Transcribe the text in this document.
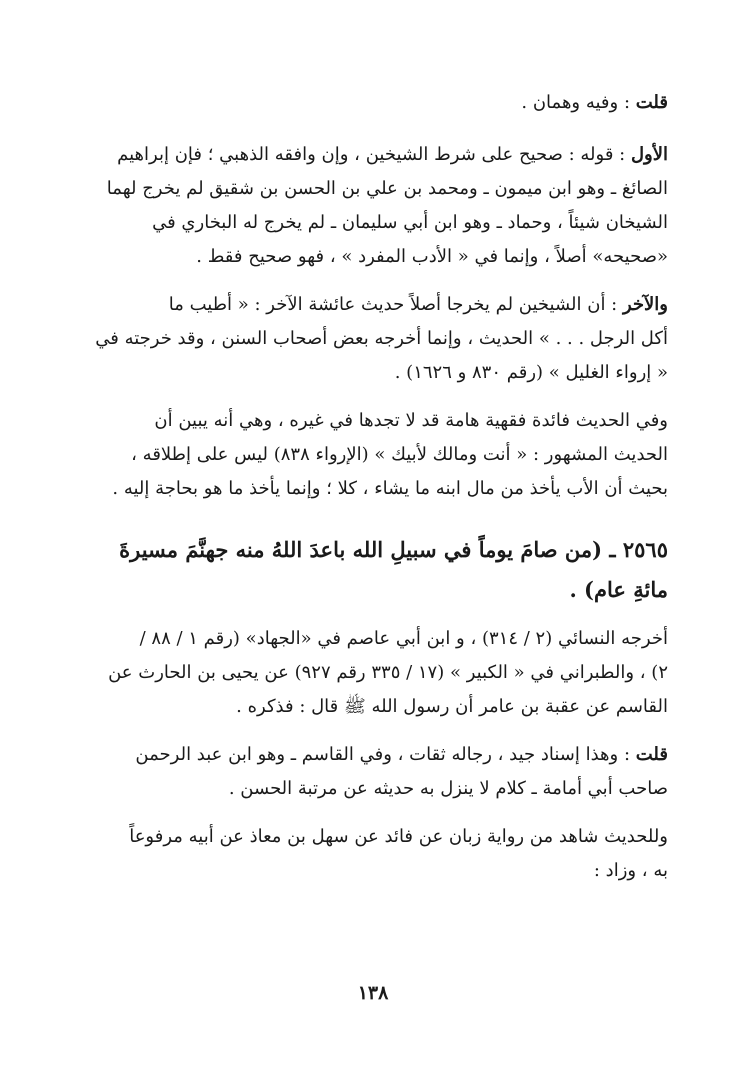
قلت : وفيه وهمان .

الأول : قوله : صحيح على شرط الشيخين ، وإن وافقه الذهبي ؛ فإن إبراهيم
الصائغ ـ وهو ابن ميمون ـ ومحمد بن علي بن الحسن بن شقيق لم يخرج لهما
الشيخان شيئاً ، وحماد ـ وهو ابن أبي سليمان ـ لم يخرج له البخاري في
«صحيحه» أصلاً ، وإنما في « الأدب المفرد » ، فهو صحيح فقط .

والآخر : أن الشيخين لم يخرجا أصلاً حديث عائشة الآخر : « أطيب ما
أكل الرجل . . . » الحديث ، وإنما أخرجه بعض أصحاب السنن ، وقد خرجته في
« إرواء الغليل » (رقم ٨٣٠ و ١٦٢٦) .

وفي الحديث فائدة فقهية هامة قد لا تجدها في غيره ، وهي أنه يبين أن
الحديث المشهور : « أنت ومالك لأبيك » (الإرواء ٨٣٨) ليس على إطلاقه ،
بحيث أن الأب يأخذ من مال ابنه ما يشاء ، كلا ؛ وإنما يأخذ ما هو بحاجة إليه .

٢٥٦٥ ـ (من صامَ يوماً في سبيلِ الله باعدَ اللهُ منه جهنَّمَ مسيرةَ
مائةِ عام) .

أخرجه النسائي (٢ / ٣١٤) ، و ابن أبي عاصم في «الجهاد» (رقم ١ / ٨٨ /
٢) ، والطبراني في « الكبير » (١٧ / ٣٣٥ رقم ٩٢٧) عن يحيى بن الحارث عن
القاسم عن عقبة بن عامر أن رسول الله ﷺ قال : فذكره .

قلت : وهذا إسناد جيد ، رجاله ثقات ، وفي القاسم ـ وهو ابن عبد الرحمن
صاحب أبي أمامة ـ كلام لا ينزل به حديثه عن مرتبة الحسن .

وللحديث شاهد من رواية زبان عن فائد عن سهل بن معاذ عن أبيه مرفوعاً
به ، وزاد :

١٣٨
